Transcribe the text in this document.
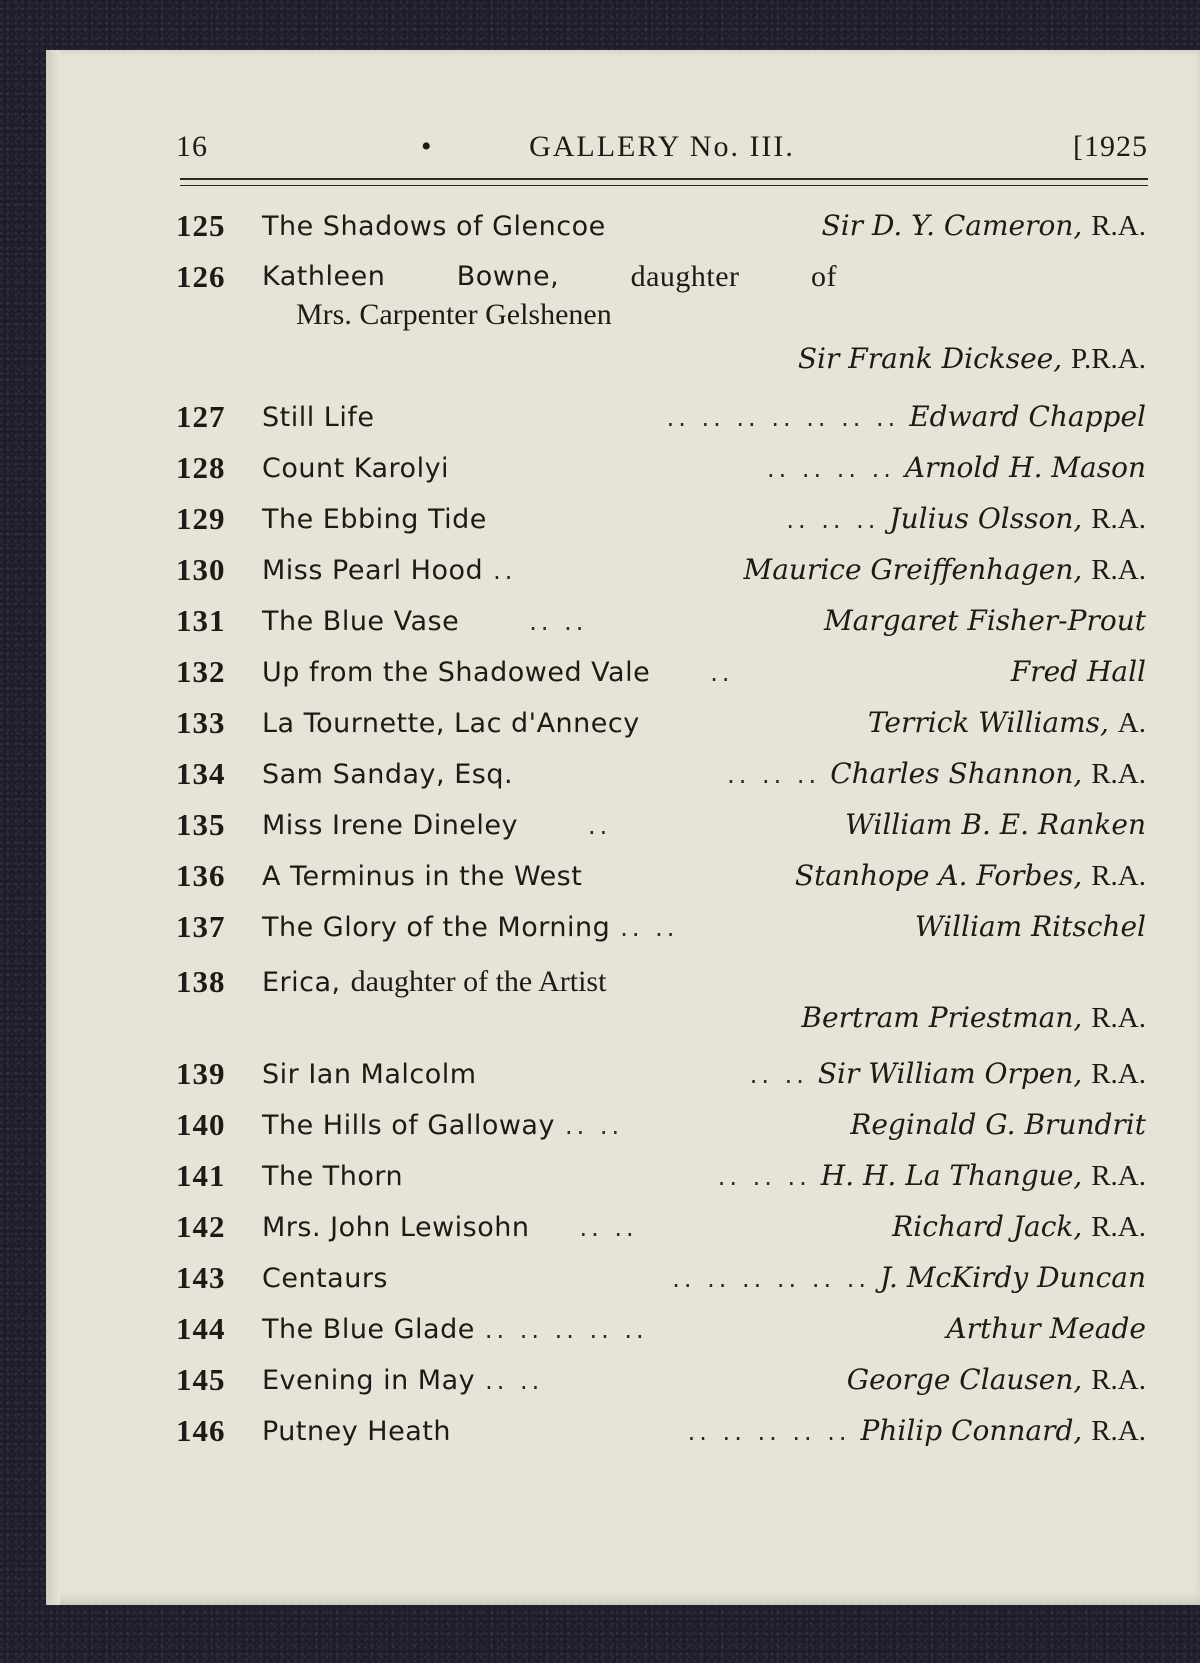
16	•	GALLERY No. III.	[1925
125 The Shadows of Glencoe	Sir D. Y. Cameron, R.A.
126 Kathleen	Bowne, daughter of
Mrs. Carpenter Gelshenen
Sir Frank Dicksee, P.R.A.
127 Still Life	.. .. .. .. .. .. .. Edward Chappel
128 Count Karolyi	.. .. .. .. Arnold H. Mason
129 The Ebbing Tide	.. .. .. Julius Olsson, R.A.
130 Miss Pearl Hood ..	Maurice Greiffenhagen, R.A.
131 The Blue Vase	.. ..	Margaret Fisher-Prout
132 Up from the Shadowed Vale	..	Fred Hall
133 La Tournette, Lac d'Annecy	Terrick Williams, A.
134 Sam Sanday, Esq.	.. .. .. Charles Shannon, R.A.
135 Miss Irene Dineley	..	William B. E. Ranken
136 A Terminus in the West	Stanhope A. Forbes, R.A.
137 The Glory of the Morning .. ..	William Ritschel
138 Erica, daughter of the Artist
Bertram Priestman, R.A.
139 Sir Ian Malcolm	.. .. Sir William Orpen, R.A.
140 The Hills of Galloway .. ..	Reginald G. Brundrit
141 The Thorn	.. .. .. H. H. La Thangue, R.A.
142 Mrs. John Lewisohn	.. ..	Richard Jack, R.A.
143 Centaurs	.. .. .. .. .. .. J. McKirdy Duncan
144 The Blue Glade .. .. .. .. ..	Arthur Meade
145 Evening in May .. ..	George Clausen, R.A.
146 Putney Heath	.. .. .. .. .. Philip Connard, R.A.
